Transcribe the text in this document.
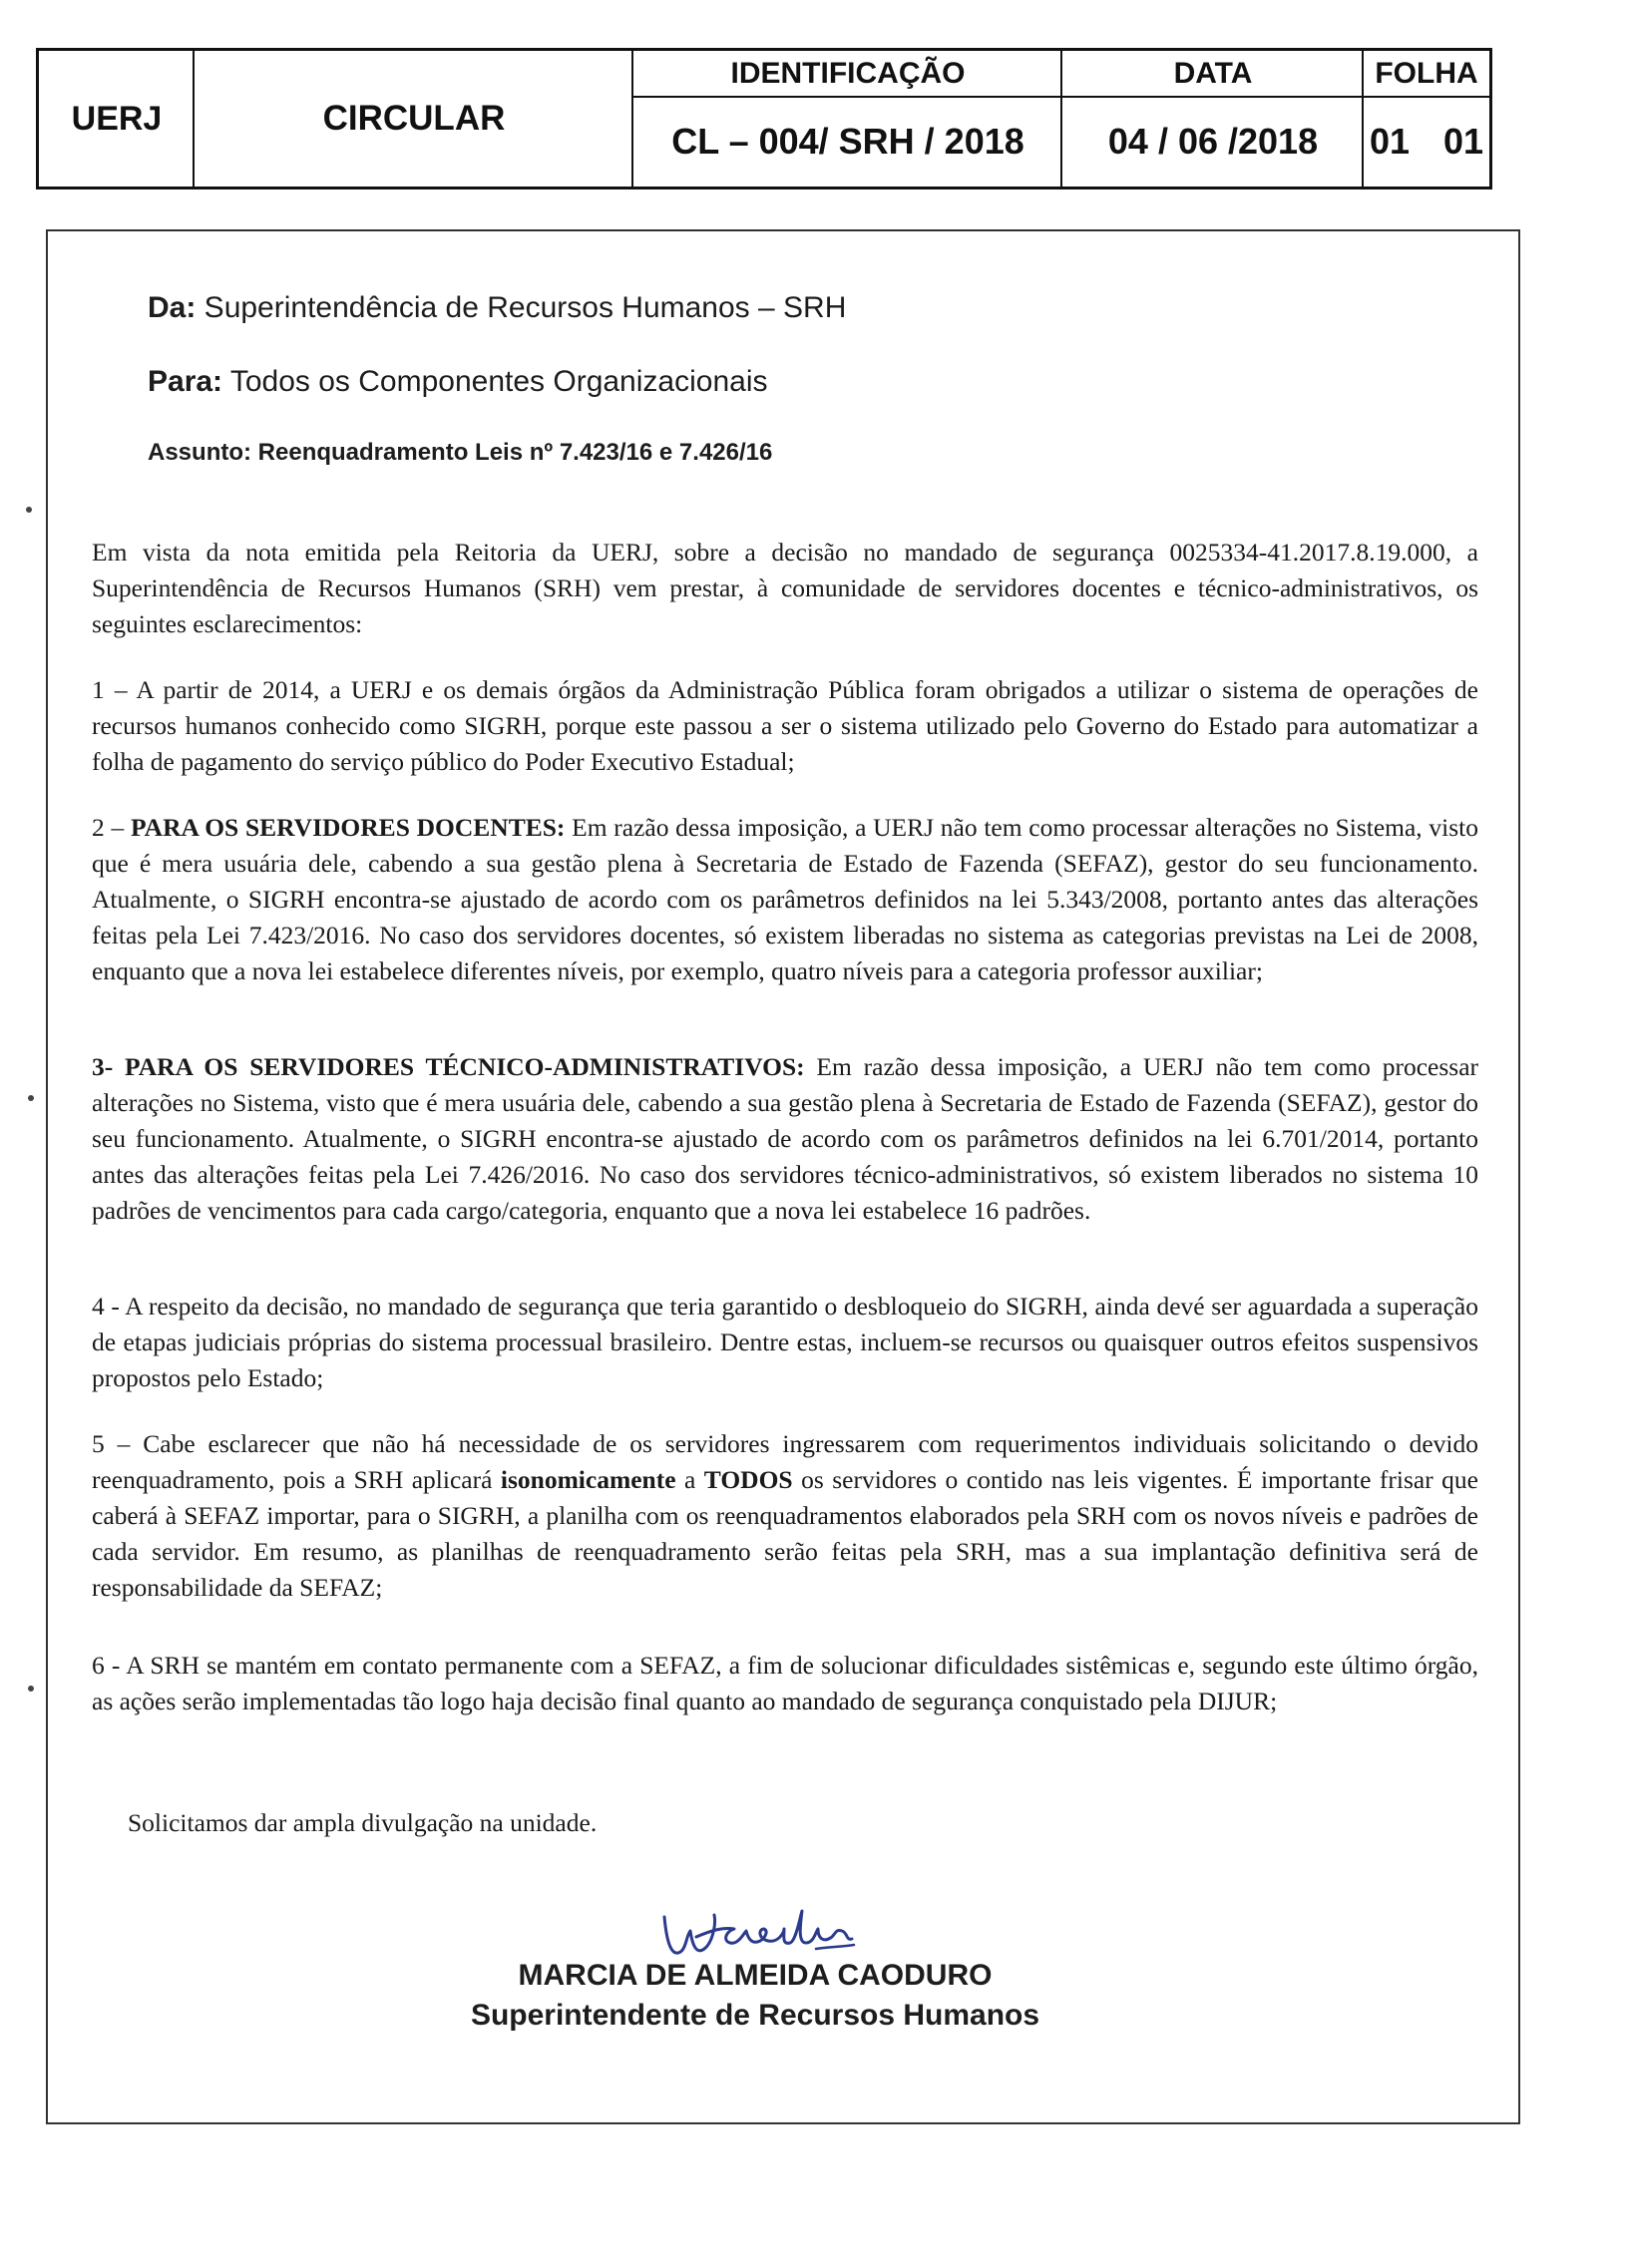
UERJ	CIRCULAR
IDENTIFICAÇÃO	DATA	FOLHA
CL – 004/ SRH / 2018	04 / 06 /2018	01 01
Da: Superintendência de Recursos Humanos – SRH
Para: Todos os Componentes Organizacionais
Assunto: Reenquadramento Leis nº 7.423/16 e 7.426/16
Em vista da nota emitida pela Reitoria da UERJ, sobre a decisão no mandado de segurança 0025334-41.2017.8.19.000, a Superintendência de Recursos Humanos (SRH) vem prestar, à comunidade de servidores docentes e técnico-administrativos, os seguintes esclarecimentos:
1 – A partir de 2014, a UERJ e os demais órgãos da Administração Pública foram obrigados a utilizar o sistema de operações de recursos humanos conhecido como SIGRH, porque este passou a ser o sistema utilizado pelo Governo do Estado para automatizar a folha de pagamento do serviço público do Poder Executivo Estadual;
2 – PARA OS SERVIDORES DOCENTES: Em razão dessa imposição, a UERJ não tem como processar alterações no Sistema, visto que é mera usuária dele, cabendo a sua gestão plena à Secretaria de Estado de Fazenda (SEFAZ), gestor do seu funcionamento. Atualmente, o SIGRH encontra-se ajustado de acordo com os parâmetros definidos na lei 5.343/2008, portanto antes das alterações feitas pela Lei 7.423/2016. No caso dos servidores docentes, só existem liberadas no sistema as categorias previstas na Lei de 2008, enquanto que a nova lei estabelece diferentes níveis, por exemplo, quatro níveis para a categoria professor auxiliar;
3- PARA OS SERVIDORES TÉCNICO-ADMINISTRATIVOS: Em razão dessa imposição, a UERJ não tem como processar alterações no Sistema, visto que é mera usuária dele, cabendo a sua gestão plena à Secretaria de Estado de Fazenda (SEFAZ), gestor do seu funcionamento. Atualmente, o SIGRH encontra-se ajustado de acordo com os parâmetros definidos na lei 6.701/2014, portanto antes das alterações feitas pela Lei 7.426/2016. No caso dos servidores técnico-administrativos, só existem liberados no sistema 10 padrões de vencimentos para cada cargo/categoria, enquanto que a nova lei estabelece 16 padrões.
4 - A respeito da decisão, no mandado de segurança que teria garantido o desbloqueio do SIGRH, ainda devé ser aguardada a superação de etapas judiciais próprias do sistema processual brasileiro. Dentre estas, incluem-se recursos ou quaisquer outros efeitos suspensivos propostos pelo Estado;
5 – Cabe esclarecer que não há necessidade de os servidores ingressarem com requerimentos individuais solicitando o devido reenquadramento, pois a SRH aplicará isonomicamente a TODOS os servidores o contido nas leis vigentes. É importante frisar que caberá à SEFAZ importar, para o SIGRH, a planilha com os reenquadramentos elaborados pela SRH com os novos níveis e padrões de cada servidor. Em resumo, as planilhas de reenquadramento serão feitas pela SRH, mas a sua implantação definitiva será de responsabilidade da SEFAZ;
6 - A SRH se mantém em contato permanente com a SEFAZ, a fim de solucionar dificuldades sistêmicas e, segundo este último órgão, as ações serão implementadas tão logo haja decisão final quanto ao mandado de segurança conquistado pela DIJUR;
Solicitamos dar ampla divulgação na unidade.
MARCIA DE ALMEIDA CAODURO
Superintendente de Recursos Humanos
